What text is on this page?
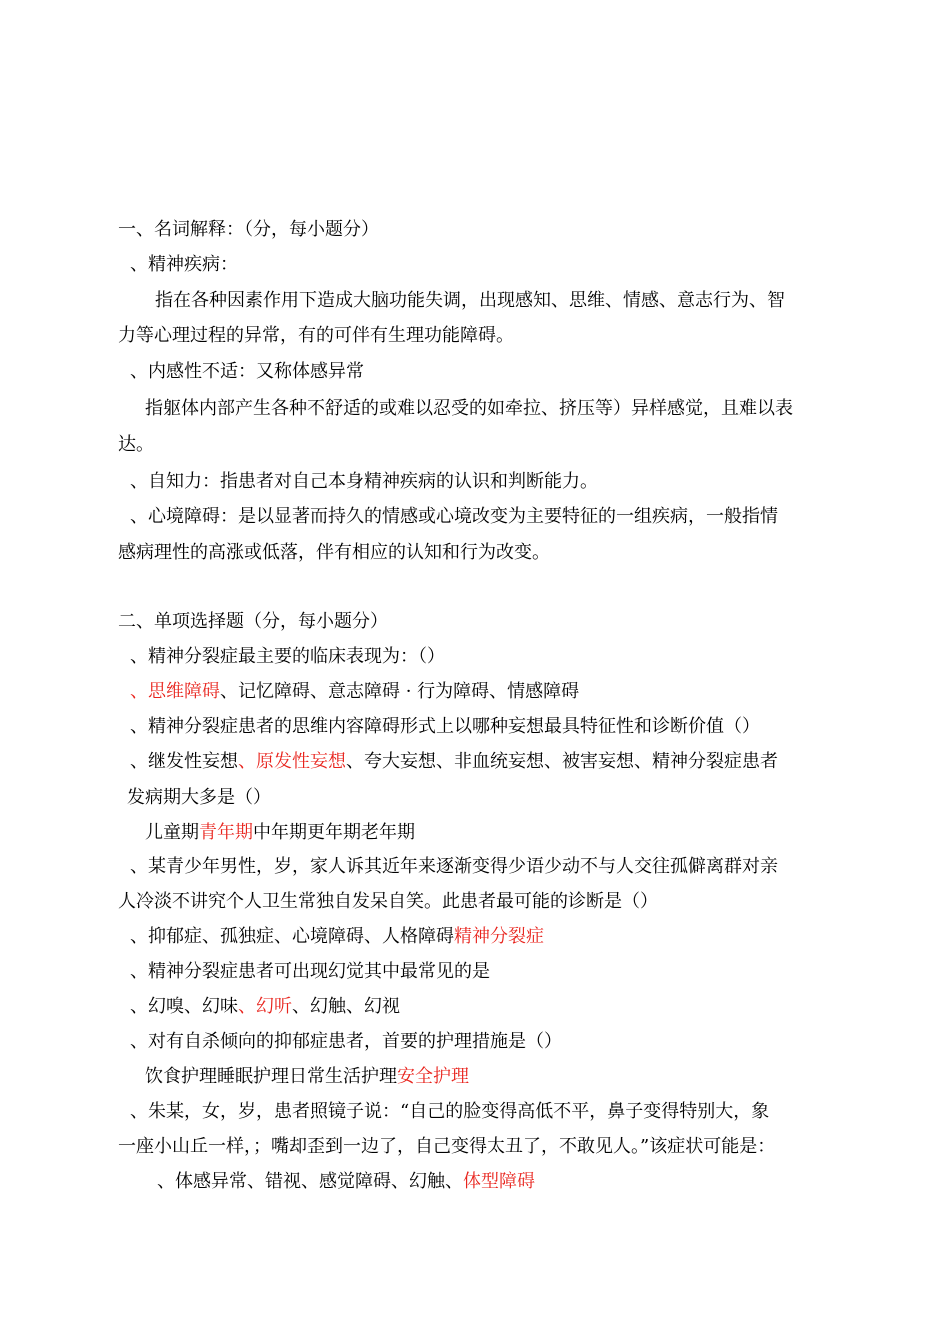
一、名词解释：（分，每小题分）
、精神疾病：
指在各种因素作用下造成大脑功能失调，出现感知、思维、情感、意志行为、智
力等心理过程的异常，有的可伴有生理功能障碍。
、内感性不适：又称体感异常
指躯体内部产生各种不舒适的或难以忍受的如牵拉、挤压等）异样感觉，且难以表
达。
、自知力：指患者对自己本身精神疾病的认识和判断能力。
、心境障碍：是以显著而持久的情感或心境改变为主要特征的一组疾病，一般指情
感病理性的高涨或低落，伴有相应的认知和行为改变。
二、单项选择题（分，每小题分）
、精神分裂症最主要的临床表现为：（）
、思维障碍、记忆障碍、意志障碍 · 行为障碍、情感障碍
、精神分裂症患者的思维内容障碍形式上以哪种妄想最具特征性和诊断价值（）
、继发性妄想、原发性妄想、夸大妄想、非血统妄想、被害妄想、精神分裂症患者
发病期大多是（）
儿童期青年期中年期更年期老年期
、某青少年男性，岁，家人诉其近年来逐渐变得少语少动不与人交往孤僻离群对亲
人冷淡不讲究个人卫生常独自发呆自笑。此患者最可能的诊断是（）
、抑郁症、孤独症、心境障碍、人格障碍精神分裂症
、精神分裂症患者可出现幻觉其中最常见的是
、幻嗅、幻味、幻听、幻触、幻视
、对有自杀倾向的抑郁症患者，首要的护理措施是（）
饮食护理睡眠护理日常生活护理安全护理
、朱某，女，岁，患者照镜子说：“自己的脸变得高低不平，鼻子变得特别大，象
一座小山丘一样，；嘴却歪到一边了，自己变得太丑了，不敢见人。”该症状可能是：
、体感异常、错视、感觉障碍、幻触、体型障碍
